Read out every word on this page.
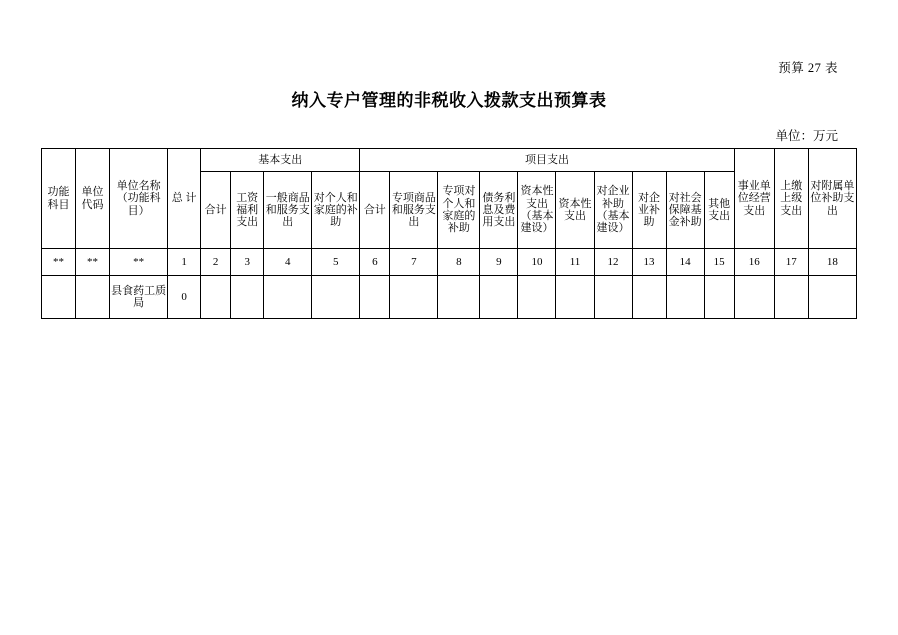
预算 27 表
纳入专户管理的非税收入拨款支出预算表
单位：万元
功能科目	单位代码	单位名称（功能科目）	总 计	基本支出				项目支出										事业单位经营支出	上缴上级支出	对附属单位补助支出
				合计	工资福利支出	一般商品和服务支出	对个人和家庭的补助	合计	专项商品和服务支出	专项对个人和家庭的补助	债务利息及费用支出	资本性支出（基本建设）	资本性支出	对企业补助（基本建设）	对企业补助	对社会保障基金补助	其他支出			
**	**	**	1	2	3	4	5	6	7	8	9	10	11	12	13	14	15	16	17	18
		县食药工质局	0																	
